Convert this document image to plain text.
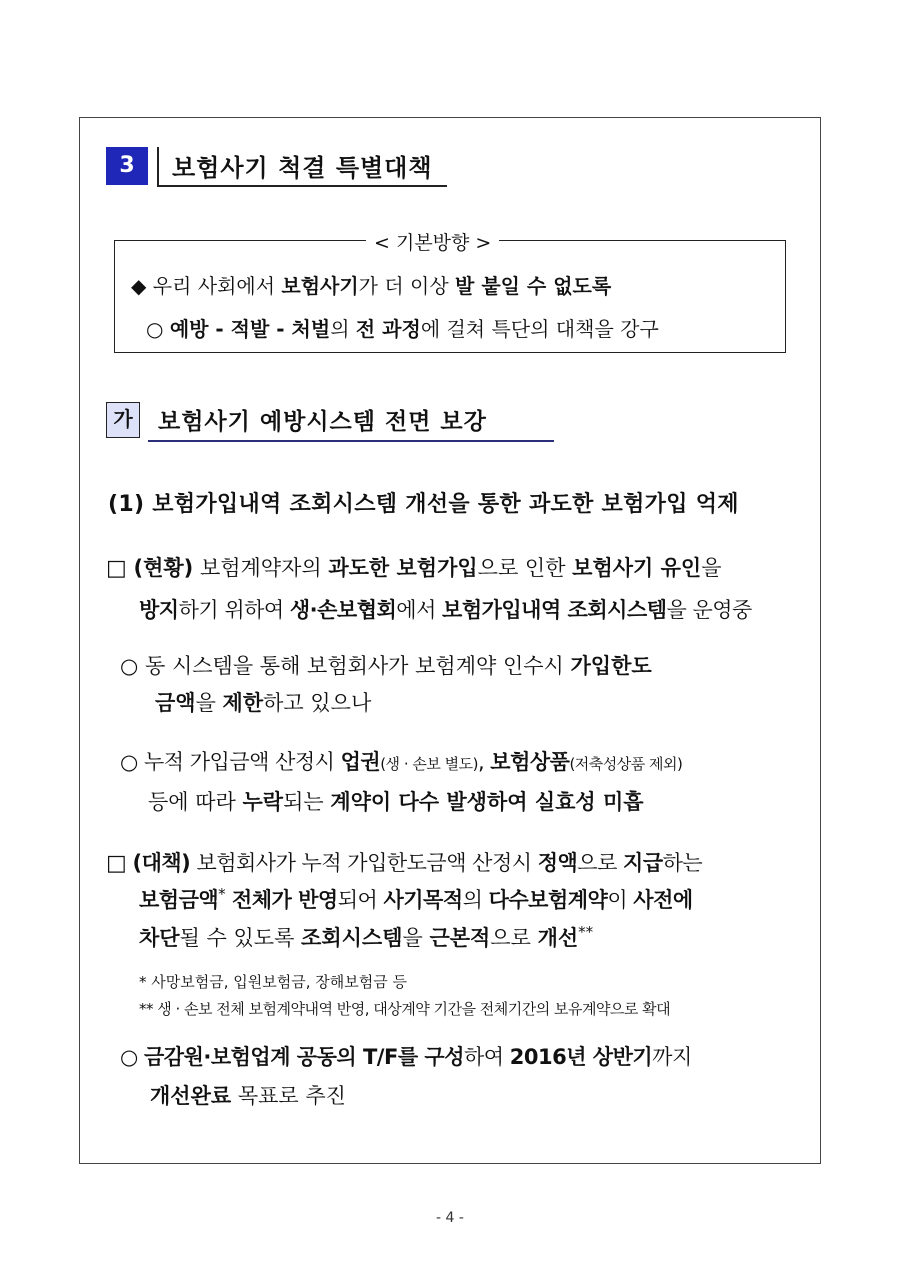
3	보험사기 척결 특별대책
< 기본방향 >
◆ 우리 사회에서 보험사기가 더 이상 발 붙일 수 없도록
○ 예방 - 적발 - 처벌의 전 과정에 걸쳐 특단의 대책을 강구
가	보험사기 예방시스템 전면 보강
(1) 보험가입내역 조회시스템 개선을 통한 과도한 보험가입 억제
□ (현황) 보험계약자의 과도한 보험가입으로 인한 보험사기 유인을
방지하기 위하여 생·손보협회에서 보험가입내역 조회시스템을 운영중
○ 동 시스템을 통해 보험회사가 보험계약 인수시 가입한도
금액을 제한하고 있으나
○ 누적 가입금액 산정시 업권(생 · 손보 별도), 보험상품(저축성상품 제외)
등에 따라 누락되는 계약이 다수 발생하여 실효성 미흡
□ (대책) 보험회사가 누적 가입한도금액 산정시 정액으로 지급하는
보험금액* 전체가 반영되어 사기목적의 다수보험계약이 사전에
차단될 수 있도록 조회시스템을 근본적으로 개선**
* 사망보험금, 입원보험금, 장해보험금 등
** 생 · 손보 전체 보험계약내역 반영, 대상계약 기간을 전체기간의 보유계약으로 확대
○ 금감원·보험업계 공동의 T/F를 구성하여 2016년 상반기까지
개선완료 목표로 추진
- 4 -
